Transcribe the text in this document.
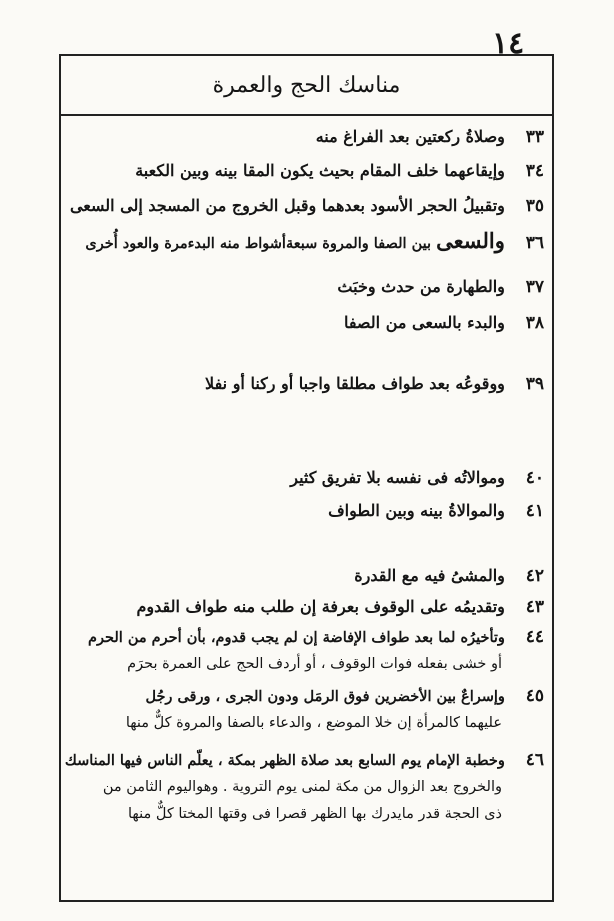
١٤
مناسك الحج والعمرة
٣٣ وصلاةُ ركعتين بعد الفراغ منه
٣٤ وإيقاعهما خلف المقام بحيث يكون المقا بينه وبين الكعبة
٣٥ وتقبيلُ الحجر الأسود بعدهما وقبل الخروج من المسجد إلى السعى
٣٦ والسعى بين الصفا والمروة سبعةأشواط منه البدءمرة والعود أُخرى
٣٧ والطهارة من حدث وخبَث
٣٨ والبدء بالسعى من الصفا
٣٩ ووقوعُه بعد طواف مطلقا واجبا أو ركنا أو نفلا
٤٠ وموالاتُه فى نفسه بلا تفريق كثير
٤١ والموالاةُ بينه وبين الطواف
٤٢ والمشىُ فيه مع القدرة
٤٣ وتقديمُه على الوقوف بعرفة إن طلب منه طواف القدوم
٤٤ وتأخيرُه لما بعد طواف الإفاضة إن لم يجب قدوم، بأن أحرم من الحرم
أو خشى بفعله فوات الوقوف ، أو أردف الحج على العمرة بحرَم
٤٥ وإسراعٌ بين الأخضرين فوق الرمَل ودون الجرى ، ورقى رجُل
عليهما كالمرأة إن خلا الموضع ، والدعاء بالصفا والمروة كلٌّ منها
٤٦ وخطبة الإمام يوم السابع بعد صلاة الظهر بمكة ، يعلّم الناس فيها المناسك
والخروج بعد الزوال من مكة لمنى يوم التروية . وهواليوم الثامن من
ذى الحجة قدر مايدرك بها الظهر قصرا فى وقتها المختا كلٌّ منها
